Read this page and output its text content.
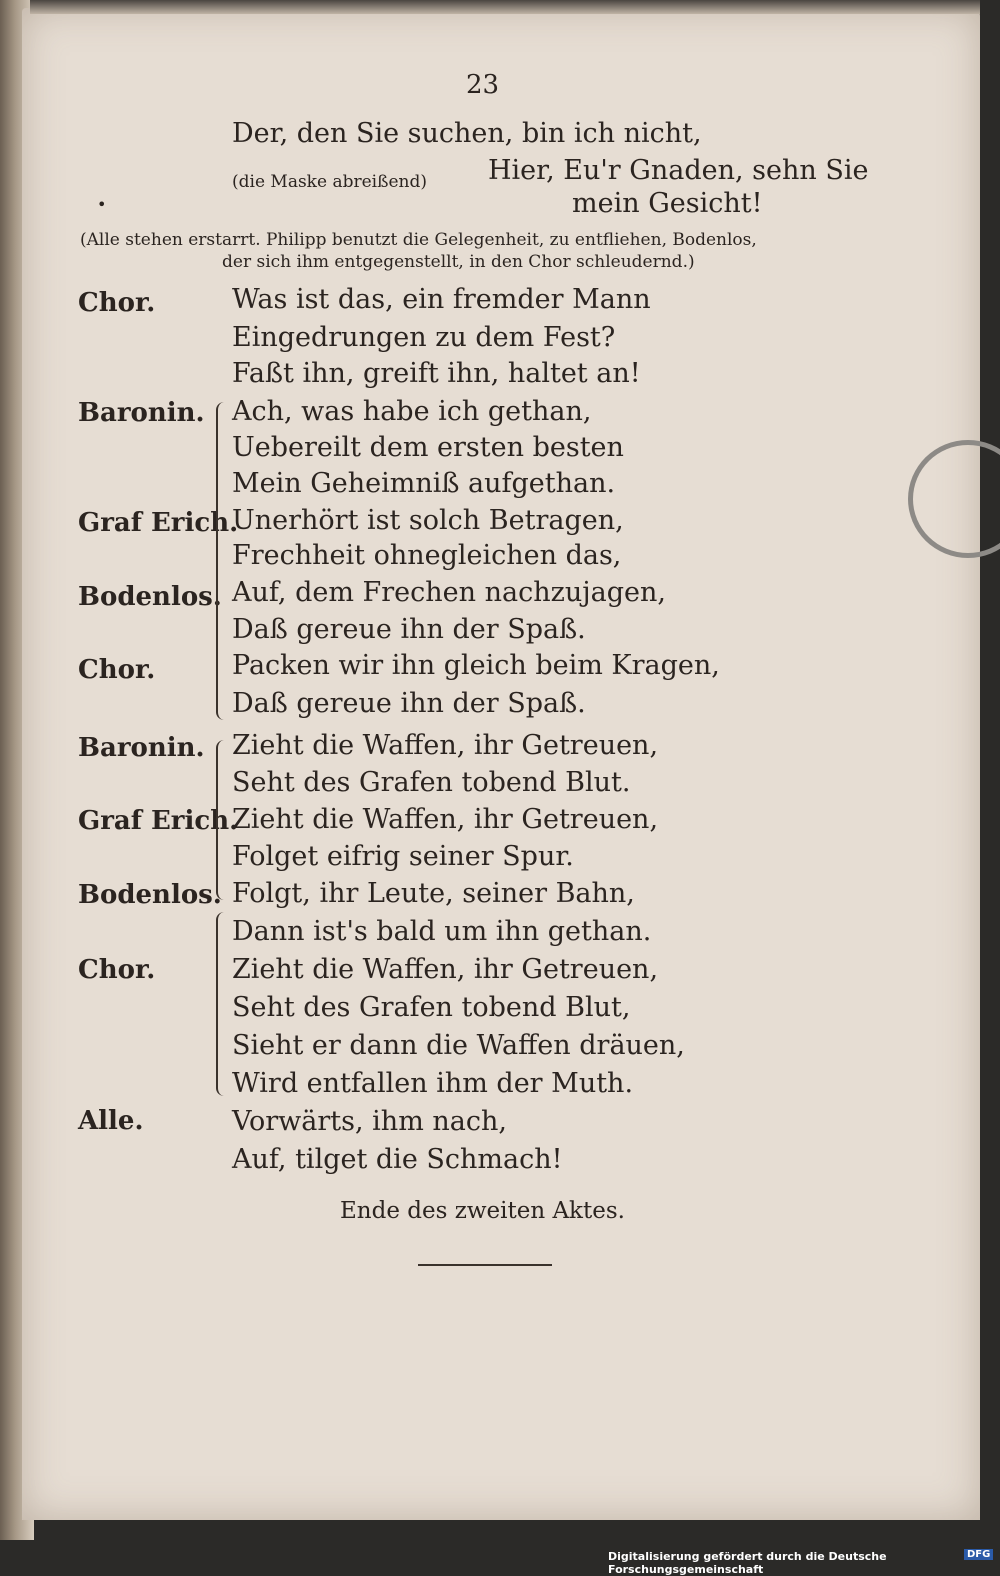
23
Der, den Sie suchen, bin ich nicht,
(die Maske abreißend) Hier, Eu'r Gnaden, sehn Sie
mein Gesicht!
•
(Alle stehen erstarrt. Philipp benutzt die Gelegenheit, zu entfliehen, Bodenlos,
der sich ihm entgegenstellt, in den Chor schleudernd.)
Chor.
Baronin.
Graf Erich.
Bodenlos.
Chor.
Baronin.
Graf Erich.
Bodenlos.
Chor.
Alle.
Was ist das, ein fremder Mann
Eingedrungen zu dem Fest?
Faßt ihn, greift ihn, haltet an!
Ach, was habe ich gethan,
Uebereilt dem ersten besten
Mein Geheimniß aufgethan.
Unerhört ist solch Betragen,
Frechheit ohnegleichen das,
Auf, dem Frechen nachzujagen,
Daß gereue ihn der Spaß.
Packen wir ihn gleich beim Kragen,
Daß gereue ihn der Spaß.
Zieht die Waffen, ihr Getreuen,
Seht des Grafen tobend Blut.
Zieht die Waffen, ihr Getreuen,
Folget eifrig seiner Spur.
Folgt, ihr Leute, seiner Bahn,
Dann ist's bald um ihn gethan.
Zieht die Waffen, ihr Getreuen,
Seht des Grafen tobend Blut,
Sieht er dann die Waffen dräuen,
Wird entfallen ihm der Muth.
Vorwärts, ihm nach,
Auf, tilget die Schmach!
Ende des zweiten Aktes.
Digitalisierung gefördert durch die Deutsche Forschungsgemeinschaft
DFG
